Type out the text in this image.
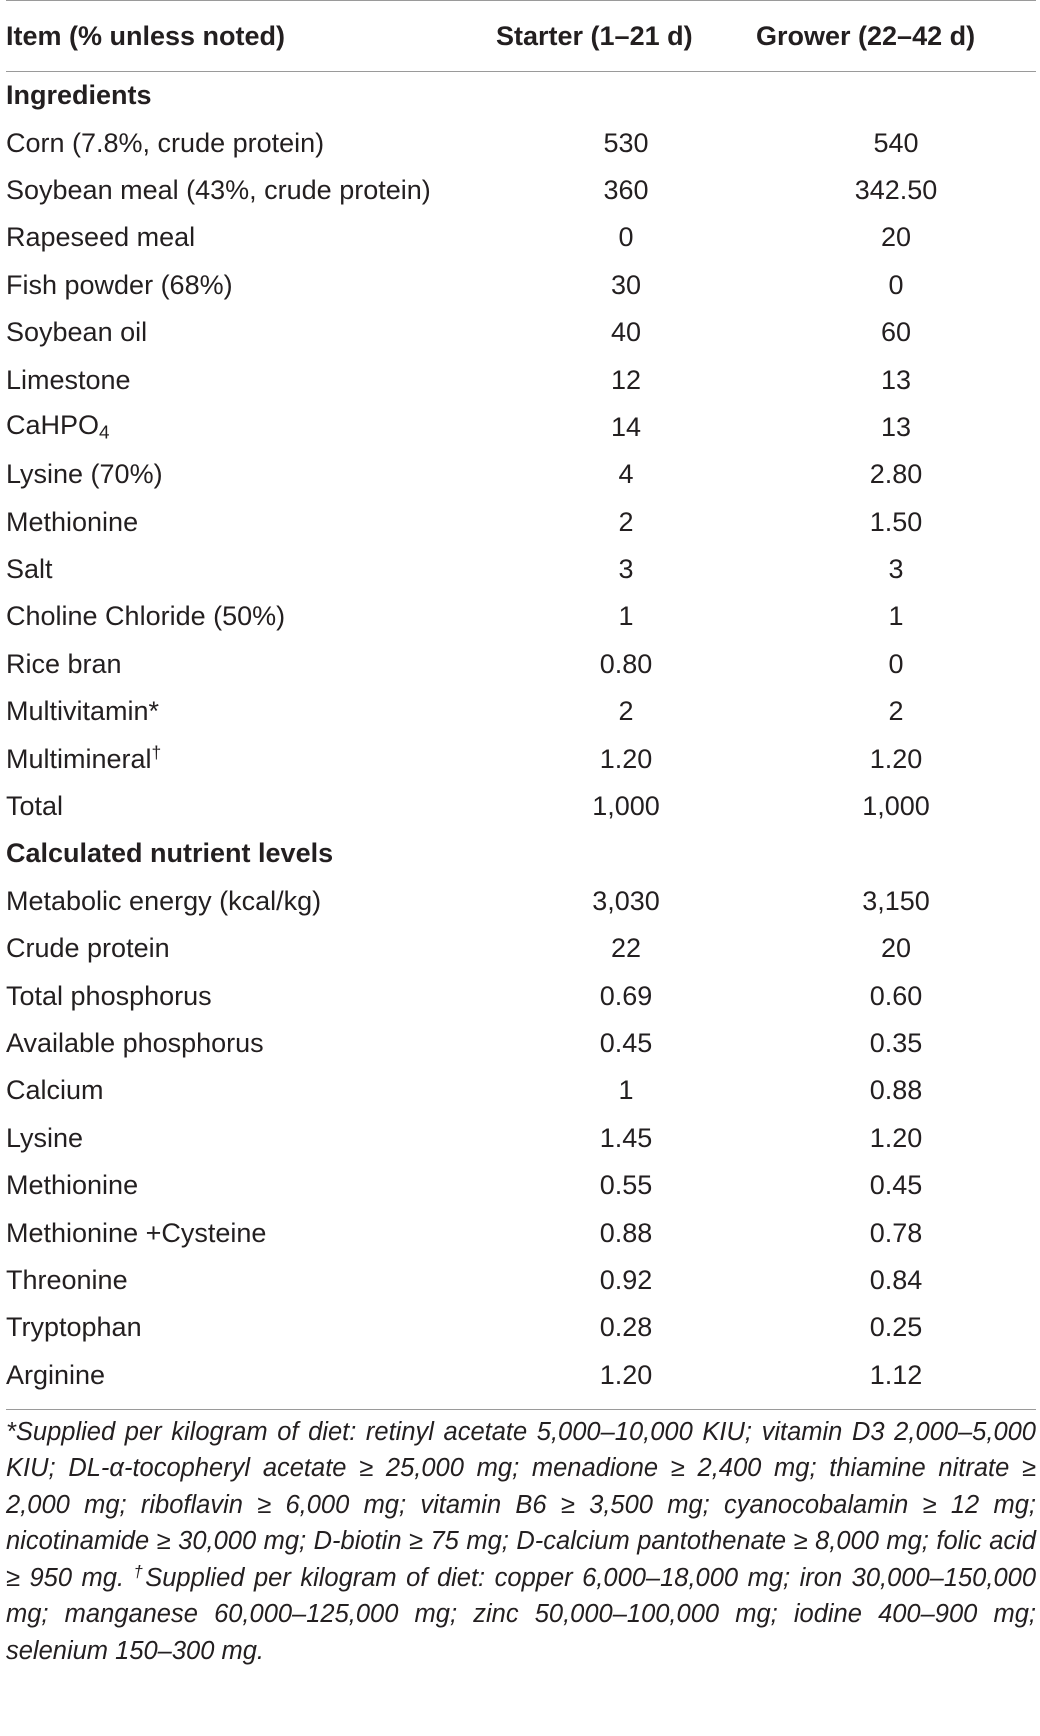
Item (% unless noted)	Starter (1–21 d)	Grower (22–42 d)
Ingredients		
Corn (7.8%, crude protein)	530	540
Soybean meal (43%, crude protein)	360	342.50
Rapeseed meal	0	20
Fish powder (68%)	30	0
Soybean oil	40	60
Limestone	12	13
CaHPO$_4$	14	13
Lysine (70%)	4	2.80
Methionine	2	1.50
Salt	3	3
Choline Chloride (50%)	1	1
Rice bran	0.80	0
Multivitamin*	2	2
Multimineral†	1.20	1.20
Total	1,000	1,000
Calculated nutrient levels		
Metabolic energy (kcal/kg)	3,030	3,150
Crude protein	22	20
Total phosphorus	0.69	0.60
Available phosphorus	0.45	0.35
Calcium	1	0.88
Lysine	1.45	1.20
Methionine	0.55	0.45
Methionine +Cysteine	0.88	0.78
Threonine	0.92	0.84
Tryptophan	0.28	0.25
Arginine	1.20	1.12
*Supplied per kilogram of diet: retinyl acetate 5,000–10,000 KIU; vitamin D3 2,000–5,000 KIU; DL-α-tocopheryl acetate ≥ 25,000 mg; menadione ≥ 2,400 mg; thiamine nitrate ≥ 2,000 mg; riboflavin ≥ 6,000 mg; vitamin B6 ≥ 3,500 mg; cyanocobalamin ≥ 12 mg; nicotinamide ≥ 30,000 mg; D-biotin ≥ 75 mg; D-calcium pantothenate ≥ 8,000 mg; folic acid ≥ 950 mg. †Supplied per kilogram of diet: copper 6,000–18,000 mg; iron 30,000–150,000 mg; manganese 60,000–125,000 mg; zinc 50,000–100,000 mg; iodine 400–900 mg; selenium 150–300 mg.
